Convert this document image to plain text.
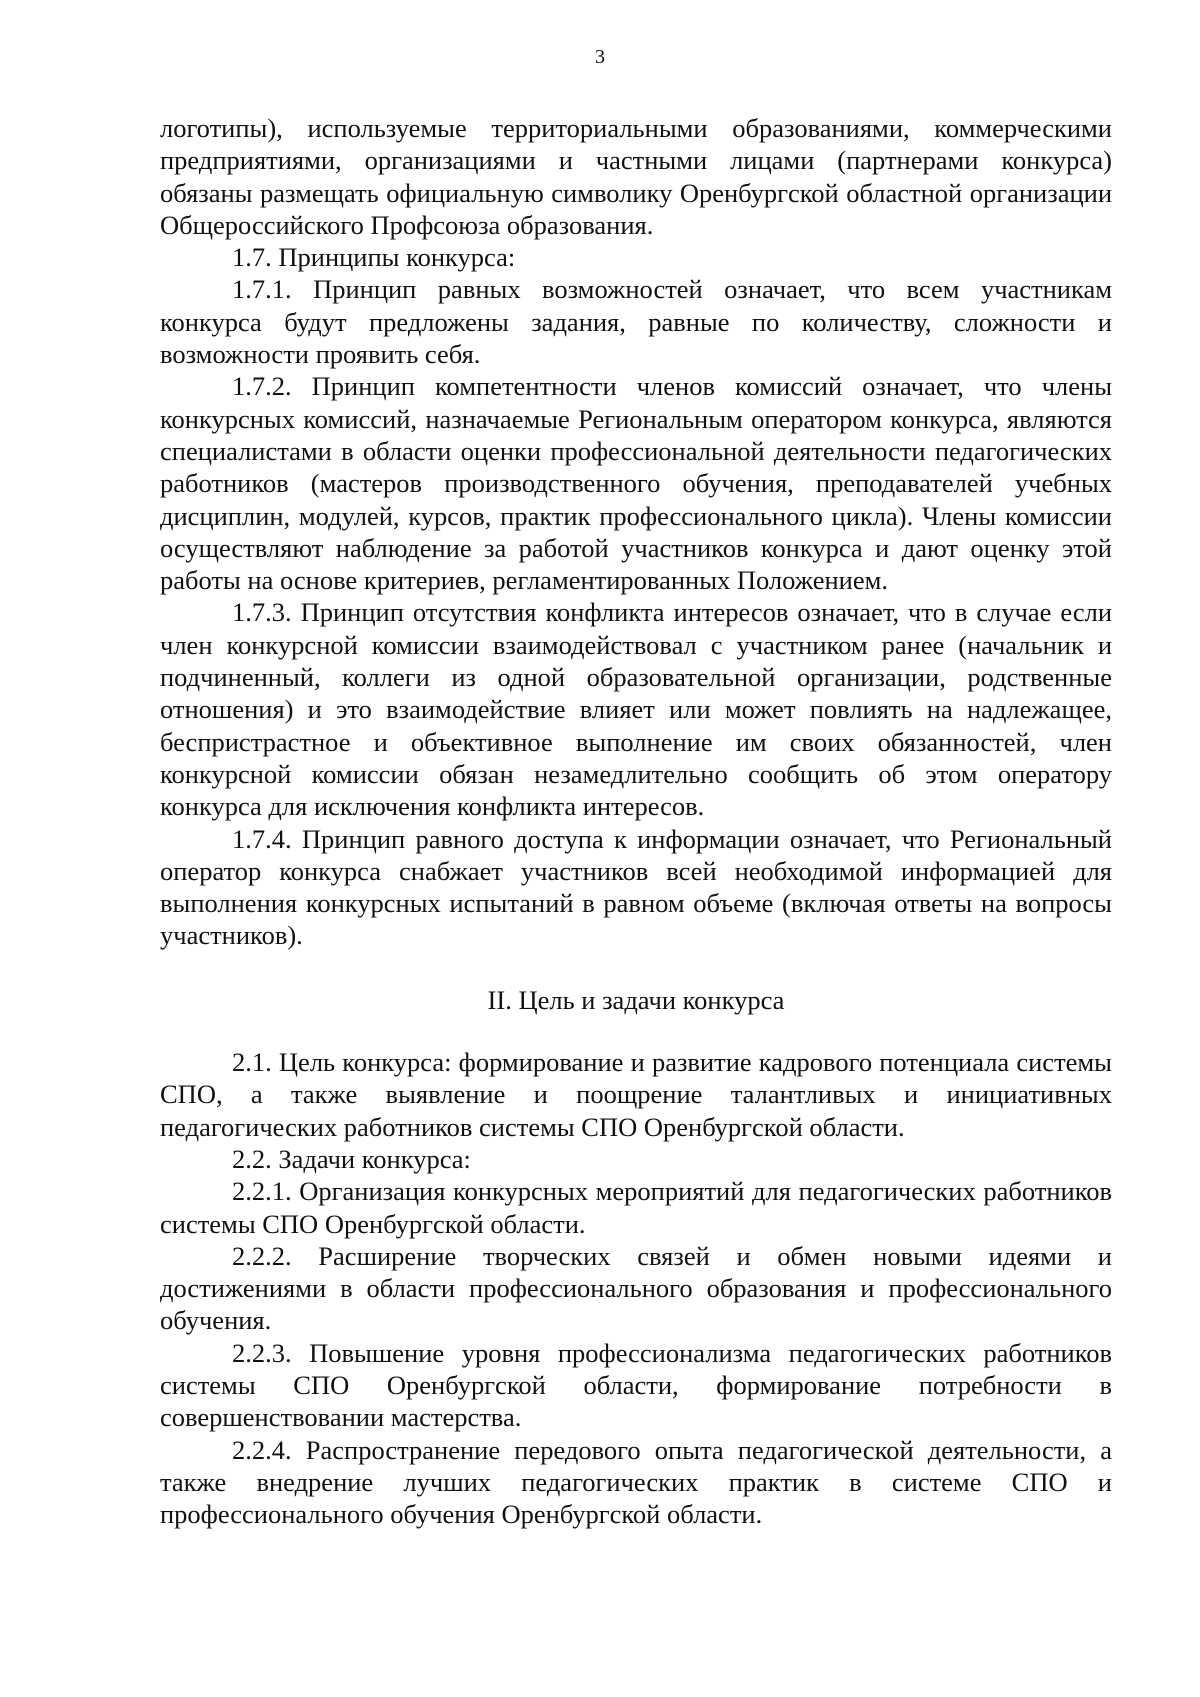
3

логотипы), используемые территориальными образованиями, коммерческими предприятиями, организациями и частными лицами (партнерами конкурса) обязаны размещать официальную символику Оренбургской областной организации Общероссийского Профсоюза образования.

1.7. Принципы конкурса:

1.7.1. Принцип равных возможностей означает, что всем участникам конкурса будут предложены задания, равные по количеству, сложности и возможности проявить себя.

1.7.2. Принцип компетентности членов комиссий означает, что члены конкурсных комиссий, назначаемые Региональным оператором конкурса, являются специалистами в области оценки профессиональной деятельности педагогических работников (мастеров производственного обучения, преподавателей учебных дисциплин, модулей, курсов, практик профессионального цикла). Члены комиссии осуществляют наблюдение за работой участников конкурса и дают оценку этой работы на основе критериев, регламентированных Положением.

1.7.3. Принцип отсутствия конфликта интересов означает, что в случае если член конкурсной комиссии взаимодействовал с участником ранее (начальник и подчиненный, коллеги из одной образовательной организации, родственные отношения) и это взаимодействие влияет или может повлиять на надлежащее, беспристрастное и объективное выполнение им своих обязанностей, член конкурсной комиссии обязан незамедлительно сообщить об этом оператору конкурса для исключения конфликта интересов.

1.7.4. Принцип равного доступа к информации означает, что Региональный оператор конкурса снабжает участников всей необходимой информацией для выполнения конкурсных испытаний в равном объеме (включая ответы на вопросы участников).

II. Цель и задачи конкурса

2.1. Цель конкурса: формирование и развитие кадрового потенциала системы СПО, а также выявление и поощрение талантливых и инициативных педагогических работников системы СПО Оренбургской области.

2.2. Задачи конкурса:

2.2.1. Организация конкурсных мероприятий для педагогических работников системы СПО Оренбургской области.

2.2.2. Расширение творческих связей и обмен новыми идеями и достижениями в области профессионального образования и профессионального обучения.

2.2.3. Повышение уровня профессионализма педагогических работников системы СПО Оренбургской области, формирование потребности в совершенствовании мастерства.

2.2.4. Распространение передового опыта педагогической деятельности, а также внедрение лучших педагогических практик в системе СПО и профессионального обучения Оренбургской области.
